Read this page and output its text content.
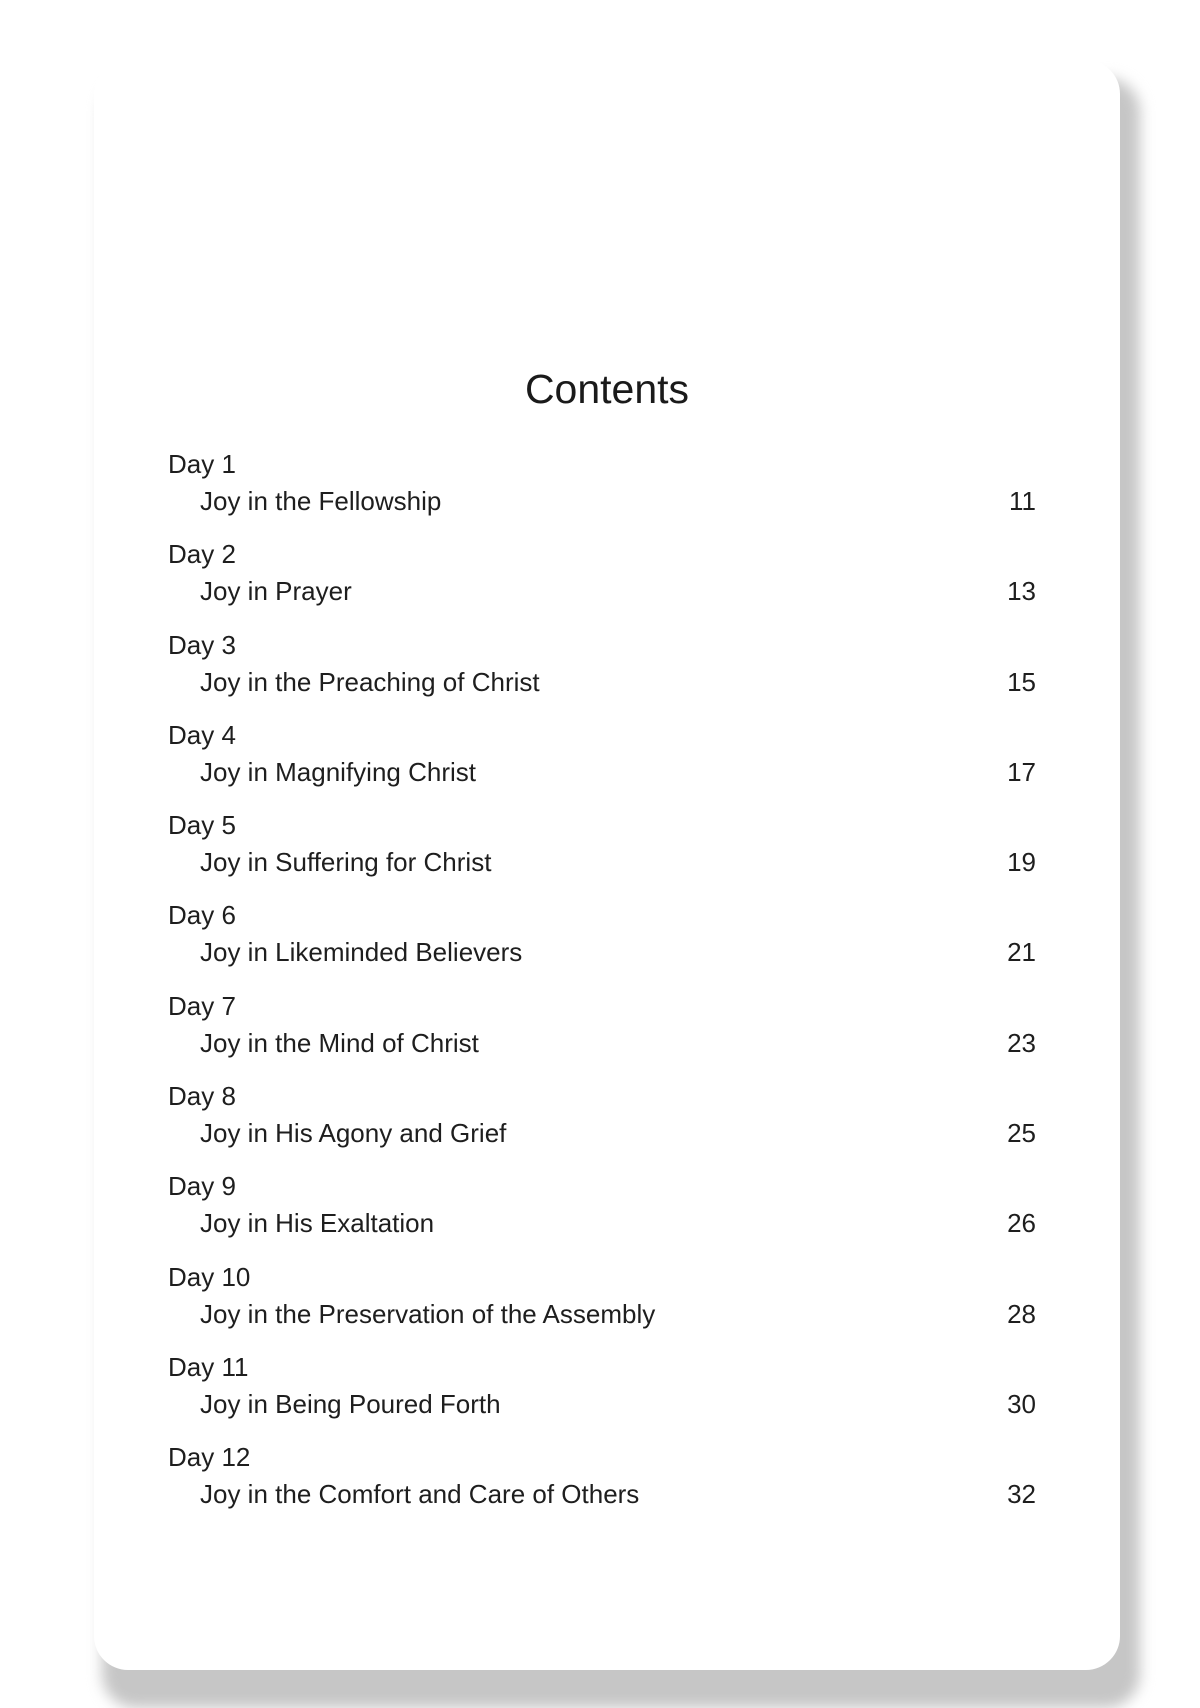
Contents
Day 1
Joy in the Fellowship	11
Day 2
Joy in Prayer	13
Day 3
Joy in the Preaching of Christ	15
Day 4
Joy in Magnifying Christ	17
Day 5
Joy in Suffering for Christ	19
Day 6
Joy in Likeminded Believers	21
Day 7
Joy in the Mind of Christ	23
Day 8
Joy in His Agony and Grief	25
Day 9
Joy in His Exaltation	26
Day 10
Joy in the Preservation of the Assembly	28
Day 11
Joy in Being Poured Forth	30
Day 12
Joy in the Comfort and Care of Others	32
